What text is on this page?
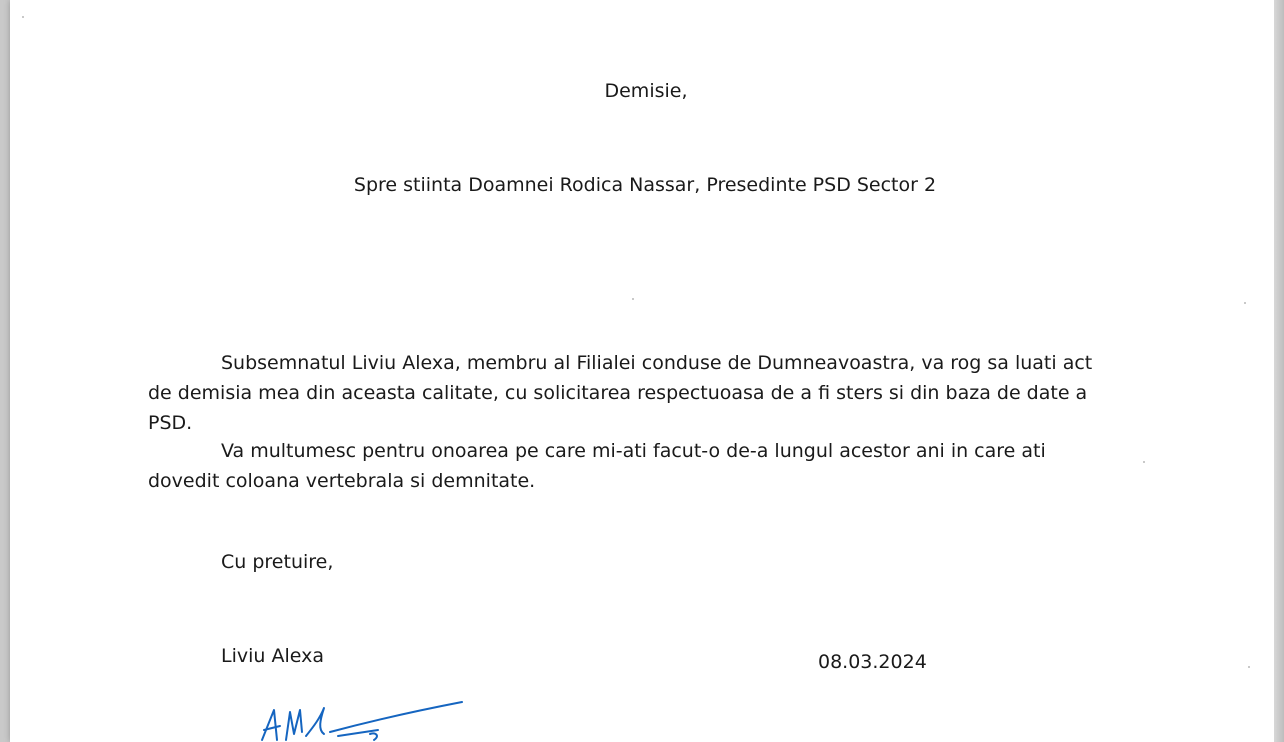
Demisie,
Spre stiinta Doamnei Rodica Nassar, Presedinte PSD Sector 2
Subsemnatul Liviu Alexa, membru al Filialei conduse de Dumneavoastra, va rog sa luati act de demisia mea din aceasta calitate, cu solicitarea respectuoasa de a fi sters si din baza de date a PSD.
Va multumesc pentru onoarea pe care mi-ati facut-o de-a lungul acestor ani in care ati dovedit coloana vertebrala si demnitate.
Cu pretuire,
Liviu Alexa	08.03.2024
